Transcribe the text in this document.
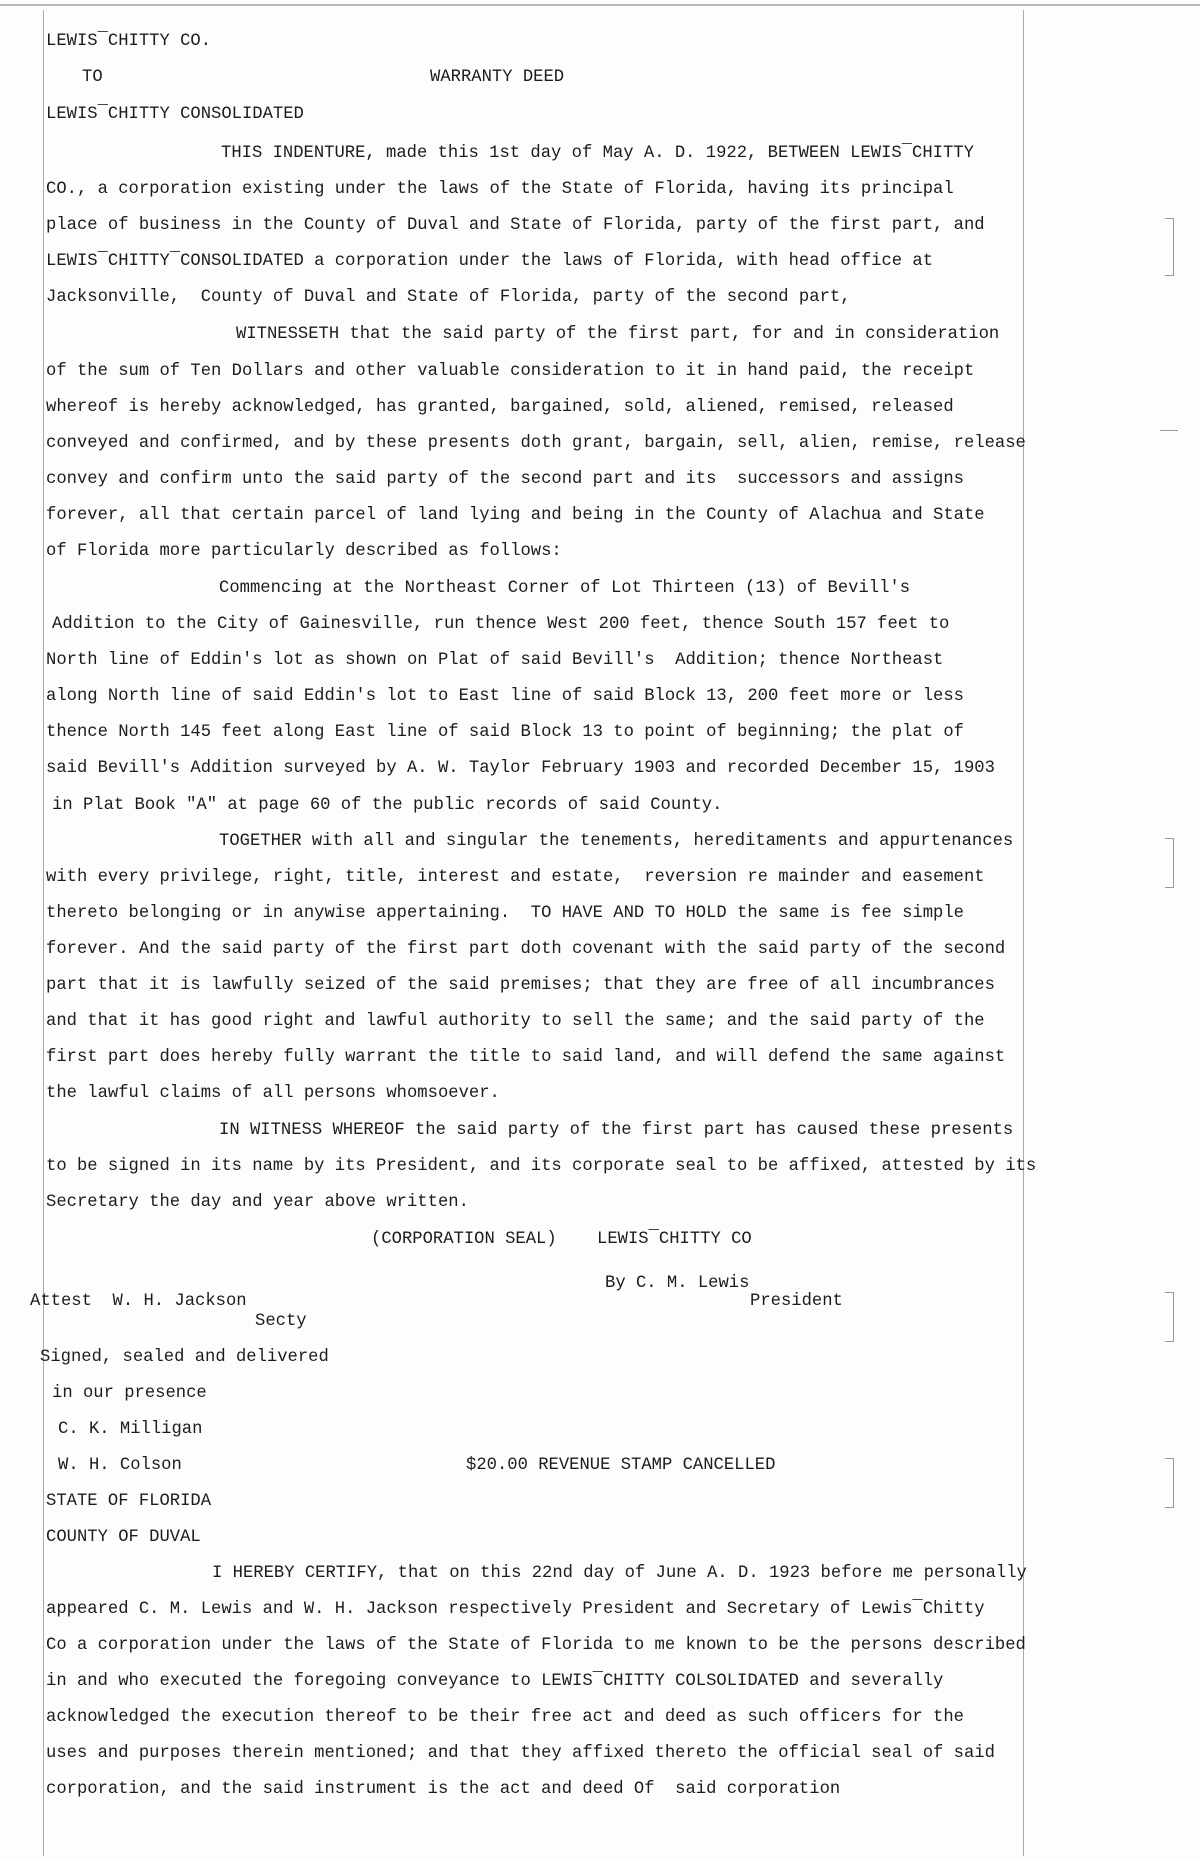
LEWIS¯CHITTY CO.

TO	WARRANTY DEED

LEWIS¯CHITTY CONSOLIDATED

THIS INDENTURE, made this 1st day of May A. D. 1922, BETWEEN LEWIS¯CHITTY

CO., a corporation existing under the laws of the State of Florida, having its principal

place of business in the County of Duval and State of Florida, party of the first part, and

LEWIS¯CHITTY¯CONSOLIDATED a corporation under the laws of Florida, with head office at

Jacksonville,  County of Duval and State of Florida, party of the second part,

WITNESSETH that the said party of the first part, for and in consideration

of the sum of Ten Dollars and other valuable consideration to it in hand paid, the receipt

whereof is hereby acknowledged, has granted, bargained, sold, aliened, remised, released

conveyed and confirmed, and by these presents doth grant, bargain, sell, alien, remise, release

convey and confirm unto the said party of the second part and its  successors and assigns

forever, all that certain parcel of land lying and being in the County of Alachua and State

of Florida more particularly described as follows:

Commencing at the Northeast Corner of Lot Thirteen (13) of Bevill's

Addition to the City of Gainesville, run thence West 200 feet, thence South 157 feet to

North line of Eddin's lot as shown on Plat of said Bevill's  Addition; thence Northeast

along North line of said Eddin's lot to East line of said Block 13, 200 feet more or less

thence North 145 feet along East line of said Block 13 to point of beginning; the plat of

said Bevill's Addition surveyed by A. W. Taylor February 1903 and recorded December 15, 1903

in Plat Book "A" at page 60 of the public records of said County.

TOGETHER with all and singular the tenements, hereditaments and appurtenances

with every privilege, right, title, interest and estate,  reversion re mainder and easement

thereto belonging or in anywise appertaining.  TO HAVE AND TO HOLD the same is fee simple

forever. And the said party of the first part doth covenant with the said party of the second

part that it is lawfully seized of the said premises; that they are free of all incumbrances

and that it has good right and lawful authority to sell the same; and the said party of the

first part does hereby fully warrant the title to said land, and will defend the same against

the lawful claims of all persons whomsoever.

IN WITNESS WHEREOF the said party of the first part has caused these presents

to be signed in its name by its President, and its corporate seal to be affixed, attested by its

Secretary the day and year above written.

(CORPORATION SEAL) LEWIS¯CHITTY CO

By C. M. Lewis

President

Attest  W. H. Jackson

Secty

Signed, sealed and delivered

in our presence

C. K. Milligan

W. H. Colson	$20.00 REVENUE STAMP CANCELLED

STATE OF FLORIDA

COUNTY OF DUVAL

I HEREBY CERTIFY, that on this 22nd day of June A. D. 1923 before me personally

appeared C. M. Lewis and W. H. Jackson respectively President and Secretary of Lewis¯Chitty

Co a corporation under the laws of the State of Florida to me known to be the persons described

in and who executed the foregoing conveyance to LEWIS¯CHITTY COLSOLIDATED and severally

acknowledged the execution thereof to be their free act and deed as such officers for the

uses and purposes therein mentioned; and that they affixed thereto the official seal of said

corporation, and the said instrument is the act and deed Of  said corporation
